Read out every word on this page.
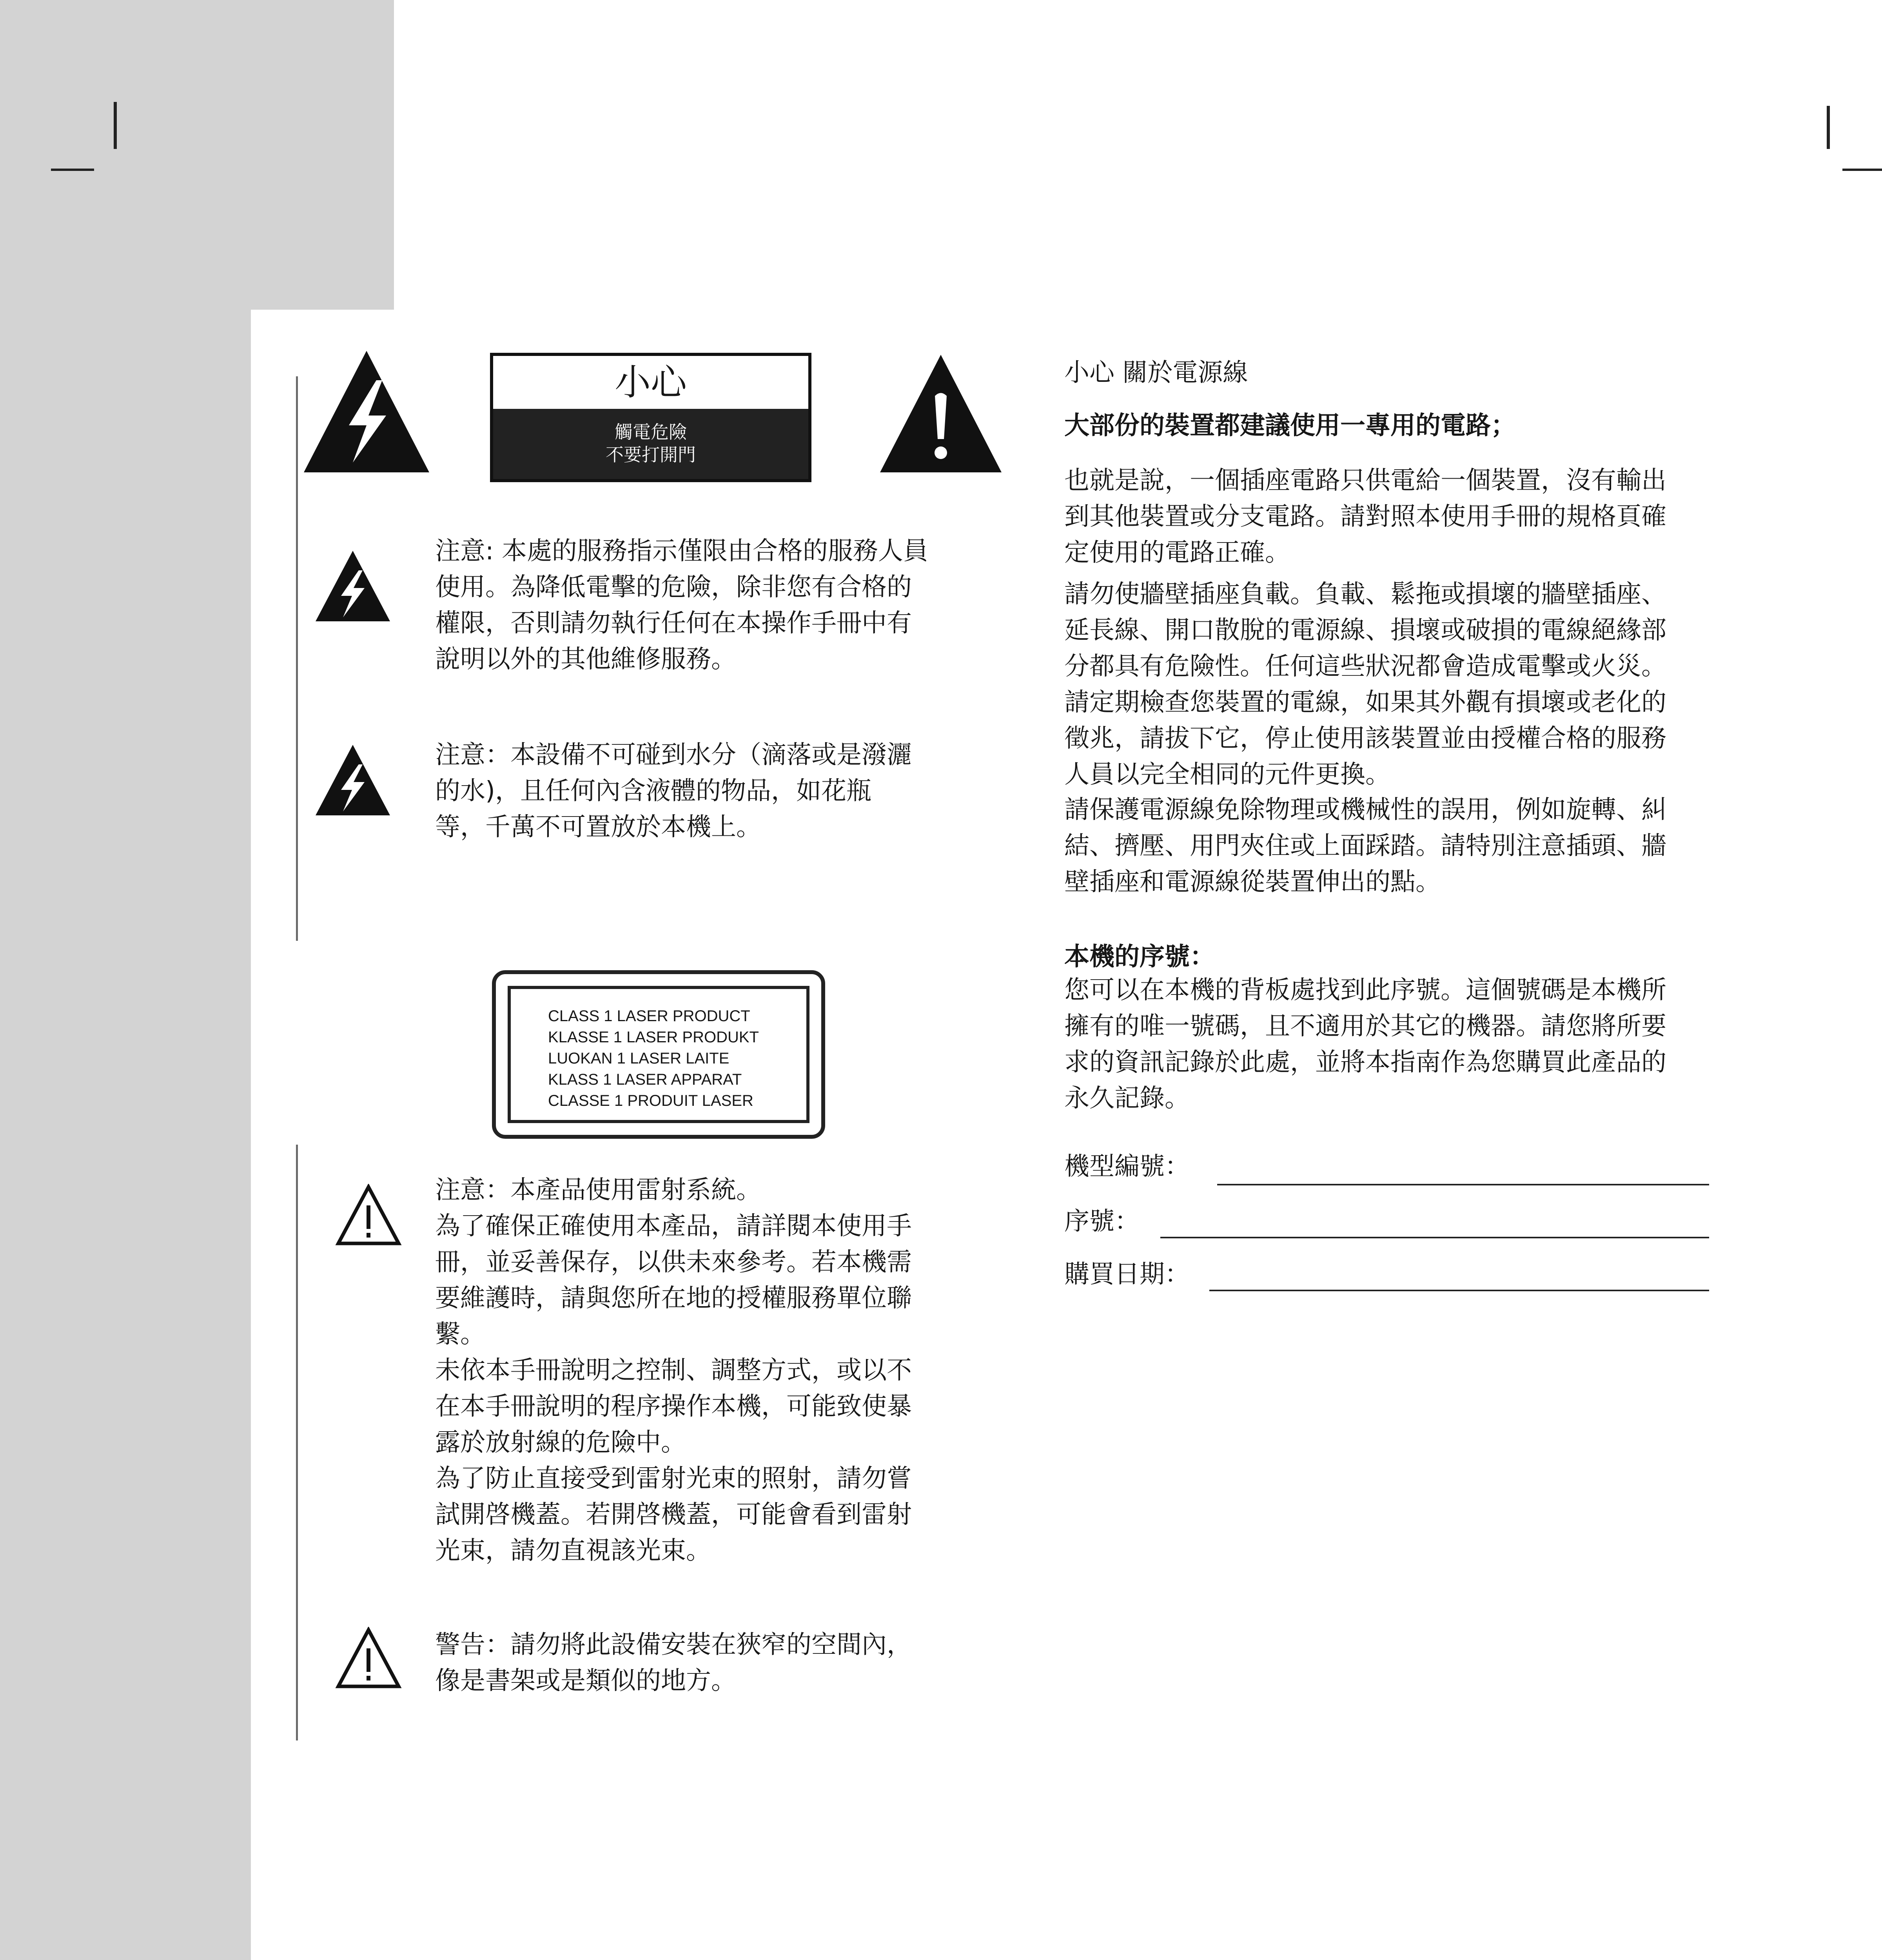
小心
觸電危險
不要打開門

注意: 本處的服務指示僅限由合格的服務人員

使用。為降低電擊的危險，除非您有合格的

權限，否則請勿執行任何在本操作手冊中有

說明以外的其他維修服務。

注意：本設備不可碰到水分（滴落或是潑灑

的水)，且任何內含液體的物品，如花瓶

等，千萬不可置放於本機上。

CLASS 1 LASER PRODUCT
KLASSE 1 LASER PRODUKT
LUOKAN 1 LASER LAITE
KLASS 1 LASER APPARAT
CLASSE 1 PRODUIT LASER

注意：本產品使用雷射系統。

為了確保正確使用本產品，請詳閱本使用手

冊，並妥善保存，以供未來參考。若本機需

要維護時，請與您所在地的授權服務單位聯

繫。

未依本手冊說明之控制、調整方式，或以不

在本手冊說明的程序操作本機，可能致使暴

露於放射線的危險中。

為了防止直接受到雷射光束的照射，請勿嘗

試開啓機蓋。若開啓機蓋，可能會看到雷射

光束，請勿直視該光束。

警告：請勿將此設備安裝在狹窄的空間內，

像是書架或是類似的地方。

小心 關於電源線
大部份的裝置都建議使用一專用的電路；

也就是說，一個插座電路只供電給一個裝置，沒有輸出

到其他裝置或分支電路。請對照本使用手冊的規格頁確

定使用的電路正確。

請勿使牆壁插座負載。負載、鬆拖或損壞的牆壁插座、

延長線、開口散脫的電源線、損壞或破損的電線絕緣部

分都具有危險性。任何這些狀況都會造成電擊或火災。

請定期檢查您裝置的電線，如果其外觀有損壞或老化的

徵兆，請拔下它，停止使用該裝置並由授權合格的服務

人員以完全相同的元件更換。

請保護電源線免除物理或機械性的誤用，例如旋轉、糾

結、擠壓、用門夾住或上面踩踏。請特別注意插頭、牆

壁插座和電源線從裝置伸出的點。

本機的序號：

您可以在本機的背板處找到此序號。這個號碼是本機所

擁有的唯一號碼，且不適用於其它的機器。請您將所要

求的資訊記錄於此處，並將本指南作為您購買此產品的

永久記錄。

機型編號：
序號：
購買日期：
